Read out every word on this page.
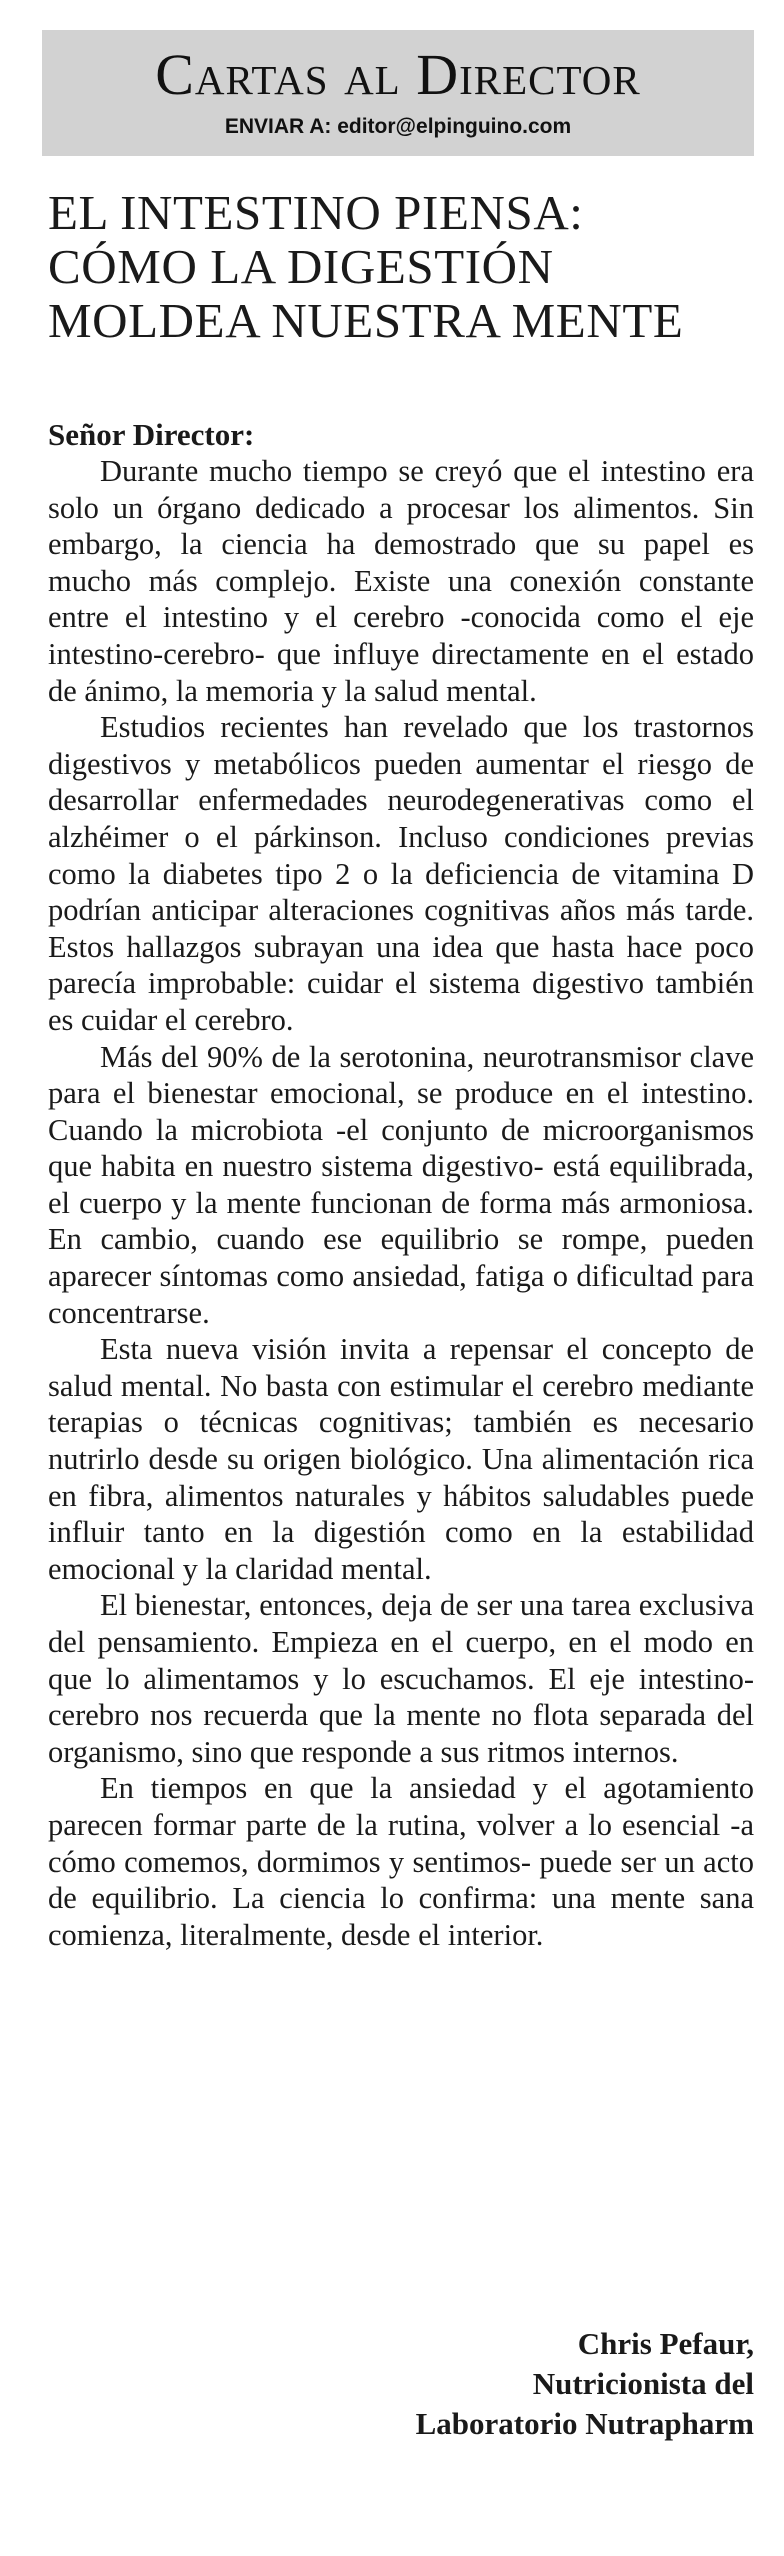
Cartas al Director
ENVIAR A: editor@elpinguino.com
EL INTESTINO PIENSA:
CÓMO LA DIGESTIÓN
MOLDEA NUESTRA MENTE

Señor Director:

Durante mucho tiempo se creyó que el intestino era solo un órgano dedicado a procesar los alimentos. Sin embargo, la ciencia ha demostrado que su papel es mucho más complejo. Existe una conexión constante entre el intestino y el cerebro -conocida como el eje intestino-cerebro- que influye directamente en el estado de ánimo, la memoria y la salud mental.

Estudios recientes han revelado que los trastornos digestivos y metabólicos pueden aumentar el riesgo de desarrollar enfermedades neurodegenerativas como el alzhéimer o el párkinson. Incluso condiciones previas como la diabetes tipo 2 o la deficiencia de vitamina D podrían anticipar alteraciones cognitivas años más tarde. Estos hallazgos subrayan una idea que hasta hace poco parecía improbable: cuidar el sistema digestivo también es cuidar el cerebro.

Más del 90% de la serotonina, neurotransmisor clave para el bienestar emocional, se produce en el intestino. Cuando la microbiota -el conjunto de microorganismos que habita en nuestro sistema digestivo- está equilibrada, el cuerpo y la mente funcionan de forma más armoniosa. En cambio, cuando ese equilibrio se rompe, pueden aparecer síntomas como ansiedad, fatiga o dificultad para concentrarse.

Esta nueva visión invita a repensar el concepto de salud mental. No basta con estimular el cerebro mediante terapias o técnicas cognitivas; también es necesario nutrirlo desde su origen biológico. Una alimentación rica en fibra, alimentos naturales y hábitos saludables puede influir tanto en la digestión como en la estabilidad emocional y la claridad mental.

El bienestar, entonces, deja de ser una tarea exclusiva del pensamiento. Empieza en el cuerpo, en el modo en que lo alimentamos y lo escuchamos. El eje intestino-cerebro nos recuerda que la mente no flota separada del organismo, sino que responde a sus ritmos internos.

En tiempos en que la ansiedad y el agotamiento parecen formar parte de la rutina, volver a lo esencial -a cómo comemos, dormimos y sentimos- puede ser un acto de equilibrio. La ciencia lo confirma: una mente sana comienza, literalmente, desde el interior.

Chris Pefaur,
Nutricionista del
Laboratorio Nutrapharm
